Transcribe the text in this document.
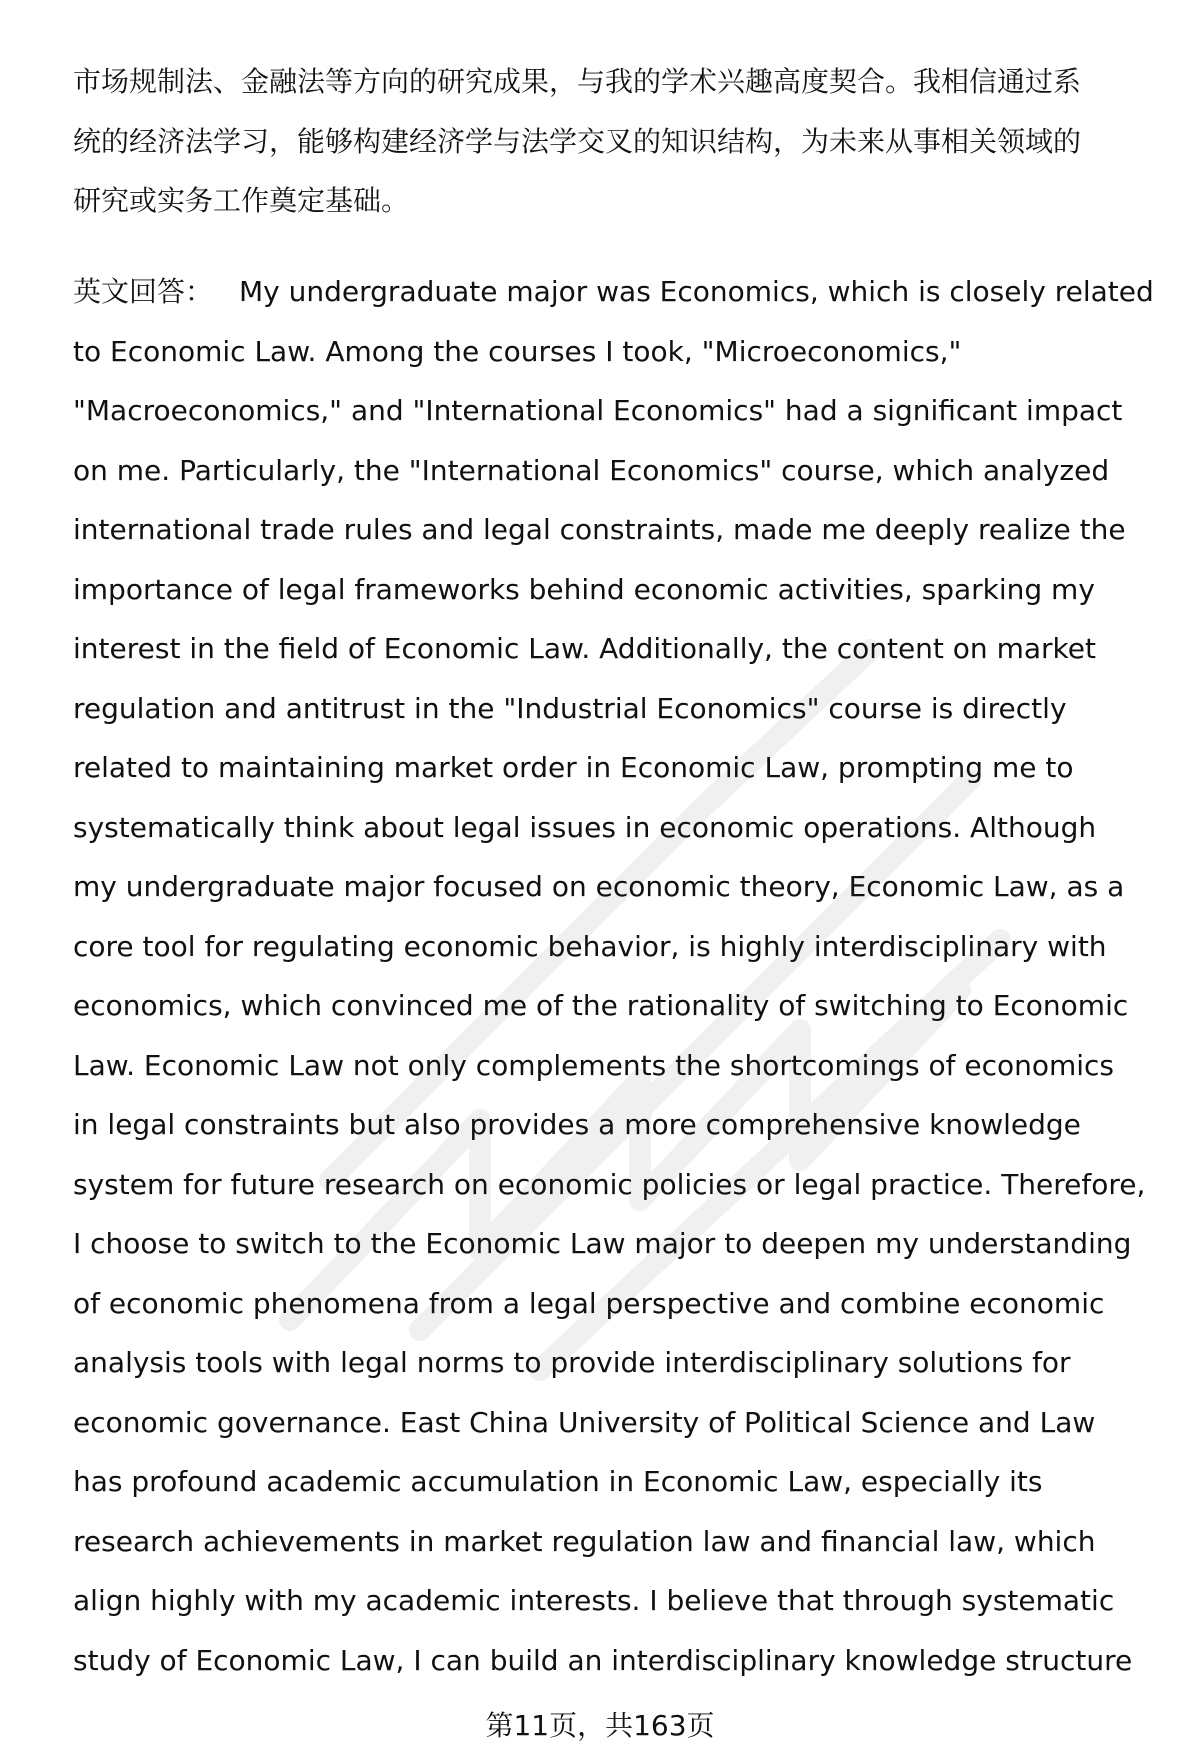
市场规制法、金融法等方向的研究成果，与我的学术兴趣高度契合。我相信通过系
统的经济法学习，能够构建经济学与法学交叉的知识结构，为未来从事相关领域的
研究或实务工作奠定基础。
英文回答： My undergraduate major was Economics, which is closely related
to Economic Law. Among the courses I took, "Microeconomics,"
"Macroeconomics," and "International Economics" had a significant impact
on me. Particularly, the "International Economics" course, which analyzed
international trade rules and legal constraints, made me deeply realize the
importance of legal frameworks behind economic activities, sparking my
interest in the field of Economic Law. Additionally, the content on market
regulation and antitrust in the "Industrial Economics" course is directly
related to maintaining market order in Economic Law, prompting me to
systematically think about legal issues in economic operations. Although
my undergraduate major focused on economic theory, Economic Law, as a
core tool for regulating economic behavior, is highly interdisciplinary with
economics, which convinced me of the rationality of switching to Economic
Law. Economic Law not only complements the shortcomings of economics
in legal constraints but also provides a more comprehensive knowledge
system for future research on economic policies or legal practice. Therefore,
I choose to switch to the Economic Law major to deepen my understanding
of economic phenomena from a legal perspective and combine economic
analysis tools with legal norms to provide interdisciplinary solutions for
economic governance. East China University of Political Science and Law
has profound academic accumulation in Economic Law, especially its
research achievements in market regulation law and financial law, which
align highly with my academic interests. I believe that through systematic
study of Economic Law, I can build an interdisciplinary knowledge structure
第11页，共163页
